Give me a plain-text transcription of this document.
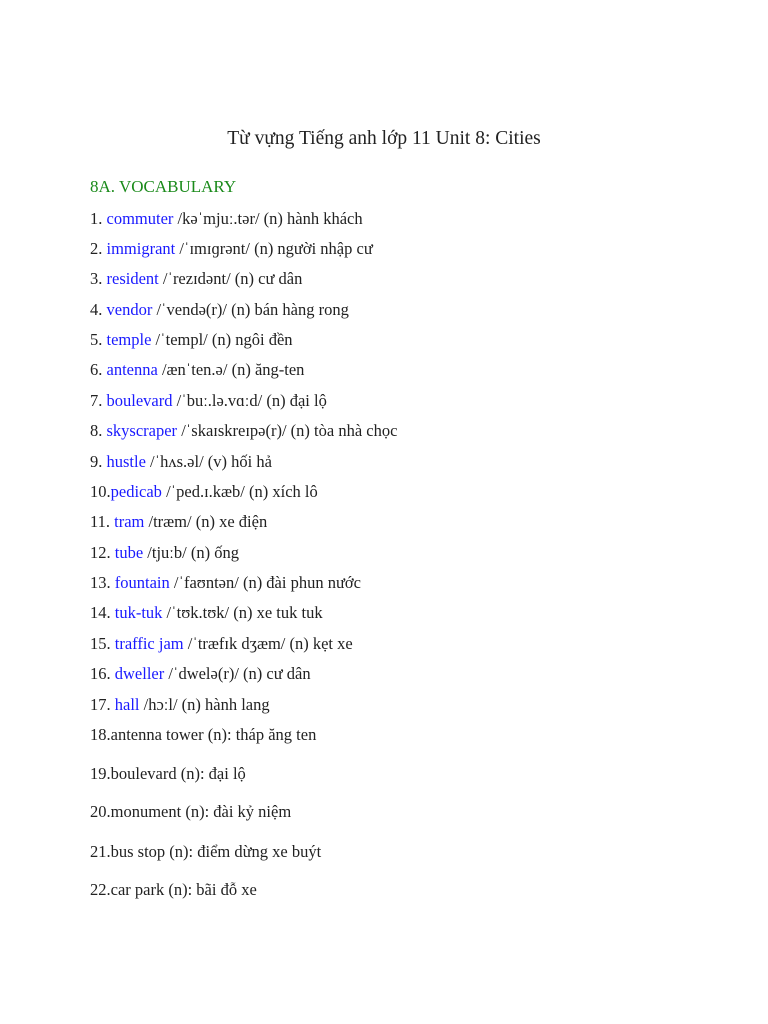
Từ vựng Tiếng anh lớp 11 Unit 8: Cities
8A. VOCABULARY
1. commuter /kəˈmjuː.tər/ (n) hành khách
2. immigrant /ˈɪmɪɡrənt/ (n) người nhập cư
3. resident /ˈrezɪdənt/ (n) cư dân
4. vendor /ˈvendə(r)/ (n) bán hàng rong
5. temple /ˈtempl/ (n) ngôi đền
6. antenna /ænˈten.ə/ (n) ăng-ten
7. boulevard /ˈbuː.lə.vɑːd/ (n) đại lộ
8. skyscraper /ˈskaɪskreɪpə(r)/ (n) tòa nhà chọc
9. hustle /ˈhʌs.əl/ (v) hối hả
10.pedicab /ˈped.ɪ.kæb/ (n) xích lô
11. tram /træm/ (n) xe điện
12. tube /tjuːb/ (n) ống
13. fountain /ˈfaʊntən/ (n) đài phun nước
14. tuk-tuk /ˈtʊk.tʊk/ (n) xe tuk tuk
15. traffic jam /ˈtræfɪk dʒæm/ (n) kẹt xe
16. dweller /ˈdwelə(r)/ (n) cư dân
17. hall /hɔːl/ (n) hành lang
18.antenna tower (n): tháp ăng ten
19.boulevard (n): đại lộ
20.monument (n): đài kỷ niệm
21.bus stop (n): điểm dừng xe buýt
22.car park (n): bãi đỗ xe
